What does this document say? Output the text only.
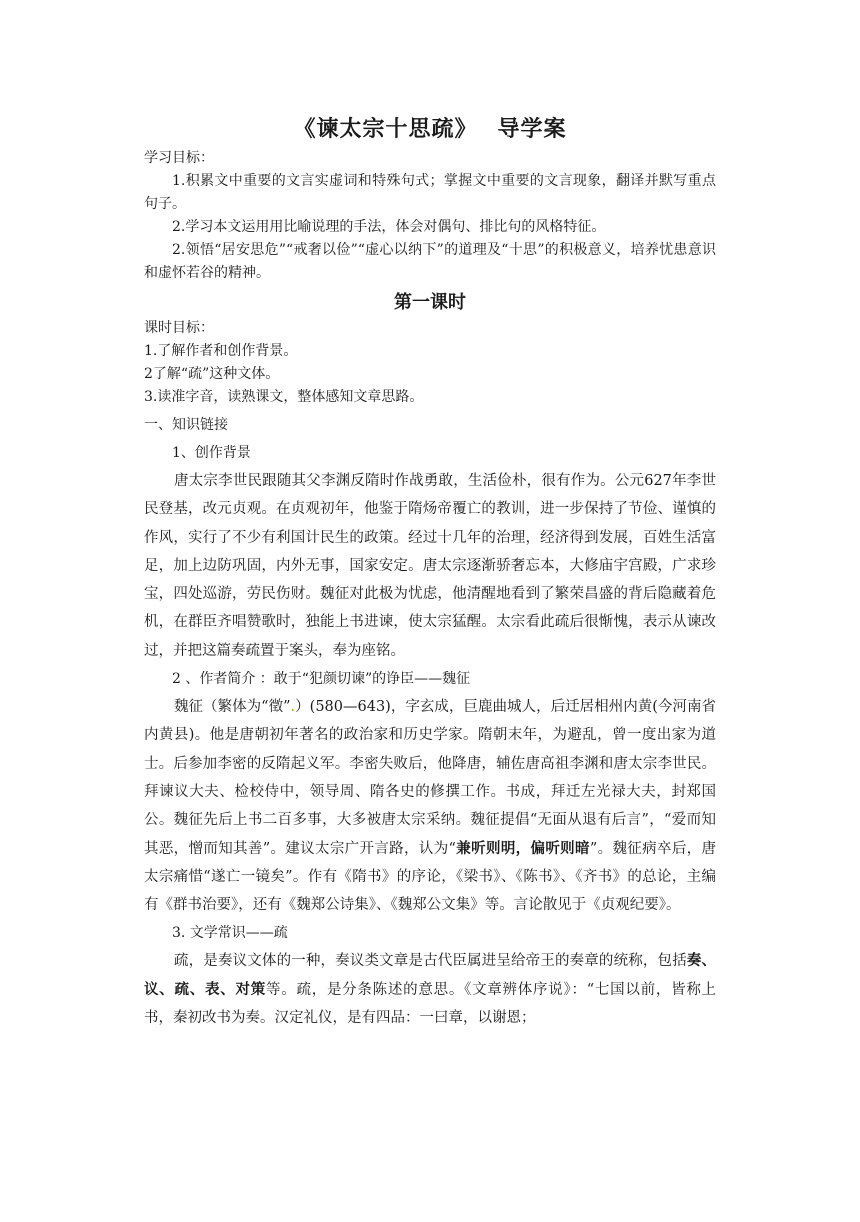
《谏太宗十思疏》 导学案

学习目标：

1.积累文中重要的文言实虚词和特殊句式；掌握文中重要的文言现象，翻译并默写重点句子。

2.学习本文运用用比喻说理的手法，体会对偶句、排比句的风格特征。

2.领悟“居安思危”“戒奢以俭”“虚心以纳下”的道理及“十思”的积极意义，培养忧患意识和虚怀若谷的精神。

第一课时

课时目标：

1.了解作者和创作背景。

2了解“疏”这种文体。

3.读准字音，读熟课文，整体感知文章思路。

一、知识链接

1、创作背景

唐太宗李世民跟随其父李渊反隋时作战勇敢，生活俭朴，很有作为。公元627年李世民登基，改元贞观。在贞观初年，他鉴于隋炀帝覆亡的教训，进一步保持了节俭、谨慎的作风，实行了不少有利国计民生的政策。经过十几年的治理，经济得到发展，百姓生活富足，加上边防巩固，内外无事，国家安定。唐太宗逐渐骄奢忘本，大修庙宇宫殿，广求珍宝，四处巡游，劳民伤财。魏征对此极为忧虑，他清醒地看到了繁荣昌盛的背后隐藏着危机，在群臣齐唱赞歌时，独能上书进谏，使太宗猛醒。太宗看此疏后很惭愧，表示从谏改过，并把这篇奏疏置于案头，奉为座铭。

2 、作者简介 ：敢于“犯颜切谏”的诤臣——魏征

魏征（繁体为“徵”.）(580—643)，字玄成，巨鹿曲城人，后迁居相州内黄(今河南省内黄县)。他是唐朝初年著名的政治家和历史学家。隋朝末年，为避乱，曾一度出家为道士。后参加李密的反隋起义军。李密失败后，他降唐，辅佐唐高祖李渊和唐太宗李世民。拜谏议大夫、检校侍中，领导周、隋各史的修撰工作。书成，拜迁左光禄大夫，封郑国公。魏征先后上书二百多事，大多被唐太宗采纳。魏征提倡“无面从退有后言”，“爱而知其恶，憎而知其善”。建议太宗广开言路，认为“兼听则明，偏听则暗”。魏征病卒后，唐太宗痛惜“遂亡一镜矣”。作有《隋书》的序论，《梁书》、《陈书》、《齐书》的总论，主编有《群书治要》，还有《魏郑公诗集》、《魏郑公文集》等。言论散见于《贞观纪要》。

3. 文学常识——疏

疏，是奏议文体的一种，奏议类文章是古代臣属进呈给帝王的奏章的统称，包括奏、议、疏、表、对策等。疏，是分条陈述的意思。《文章辨体序说》：“七国以前，皆称上书，秦初改书为奏。汉定礼仪，是有四品：一曰章，以谢恩；
